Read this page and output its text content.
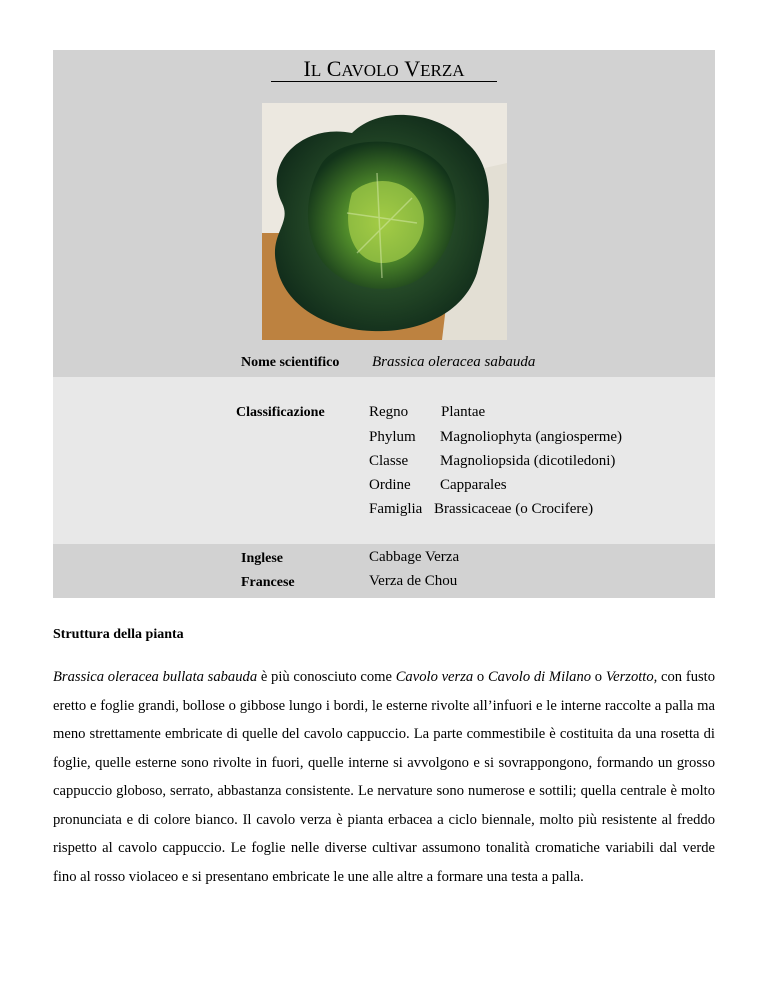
IL CAVOLO VERZA
Nome scientifico Brassica oleracea sabauda
Classificazione	Regno Plantae
Phylum Magnoliophyta (angiosperme)
Classe Magnoliopsida (dicotiledoni)
Ordine Capparales
Famiglia Brassicaceae (o Crocifere)
Inglese	Cabbage Verza
Francese	Verza de Chou
Struttura della pianta
Brassica oleracea bullata sabauda è più conosciuto come Cavolo verza o Cavolo di Milano o Verzotto, con fusto eretto e foglie grandi, bollose o gibbose lungo i bordi, le esterne rivolte all’infuori e le interne raccolte a palla ma meno strettamente embricate di quelle del cavolo cappuccio. La parte commestibile è costituita da una rosetta di foglie, quelle esterne sono rivolte in fuori, quelle interne si avvolgono e si sovrappongono, formando un grosso cappuccio globoso, serrato, abbastanza consistente. Le nervature sono numerose e sottili; quella centrale è molto pronunciata e di colore bianco. Il cavolo verza è pianta erbacea a ciclo biennale, molto più resistente al freddo rispetto al cavolo cappuccio. Le foglie nelle diverse cultivar assumono tonalità cromatiche variabili dal verde fino al rosso violaceo e si presentano embricate le une alle altre a formare una testa a palla.
